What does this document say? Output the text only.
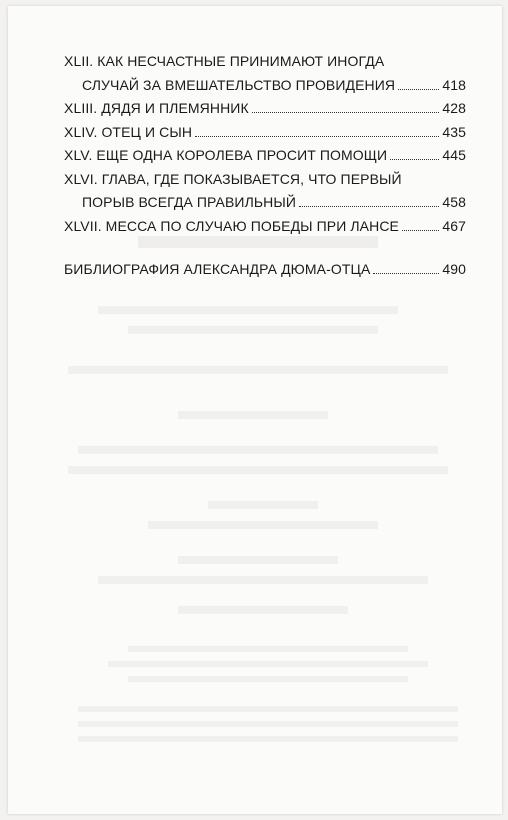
XLII. КАК НЕСЧАСТНЫЕ ПРИНИМАЮТ ИНОГДА
СЛУЧАЙ ЗА ВМЕШАТЕЛЬСТВО ПРОВИДЕНИЯ	418
XLIII. ДЯДЯ И ПЛЕМЯННИК	428
XLIV. ОТЕЦ И СЫН	435
XLV. ЕЩЕ ОДНА КОРОЛЕВА ПРОСИТ ПОМОЩИ	445
XLVI. ГЛАВА, ГДЕ ПОКАЗЫВАЕТСЯ, ЧТО ПЕРВЫЙ
ПОРЫВ ВСЕГДА ПРАВИЛЬНЫЙ	458
XLVII. МЕССА ПО СЛУЧАЮ ПОБЕДЫ ПРИ ЛАНСЕ	467
БИБЛИОГРАФИЯ АЛЕКСАНДРА ДЮМА-ОТЦА	490
